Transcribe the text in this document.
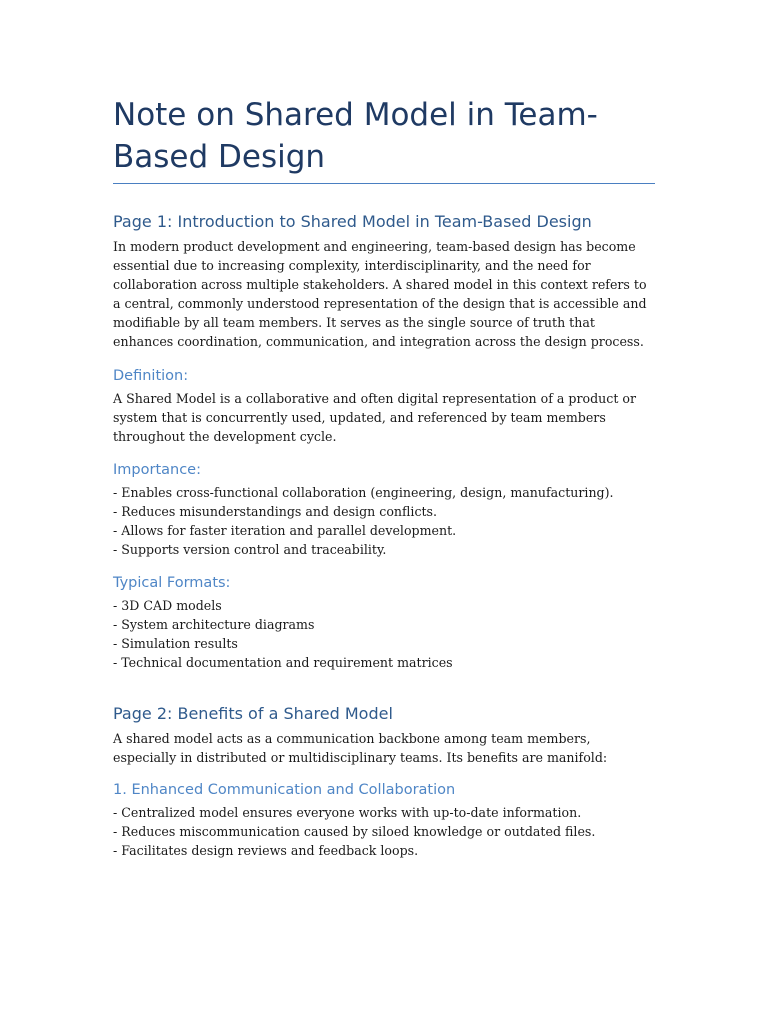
Note on Shared Model in Team-Based Design
Page 1: Introduction to Shared Model in Team-Based Design

In modern product development and engineering, team-based design has become essential due to increasing complexity, interdisciplinarity, and the need for collaboration across multiple stakeholders. A shared model in this context refers to a central, commonly understood representation of the design that is accessible and modifiable by all team members. It serves as the single source of truth that enhances coordination, communication, and integration across the design process.

Definition:

A Shared Model is a collaborative and often digital representation of a product or system that is concurrently used, updated, and referenced by team members throughout the development cycle.

Importance:
- Enables cross-functional collaboration (engineering, design, manufacturing).
- Reduces misunderstandings and design conflicts.
- Allows for faster iteration and parallel development.
- Supports version control and traceability.
Typical Formats:
- 3D CAD models
- System architecture diagrams
- Simulation results
- Technical documentation and requirement matrices
Page 2: Benefits of a Shared Model

A shared model acts as a communication backbone among team members, especially in distributed or multidisciplinary teams. Its benefits are manifold:

1. Enhanced Communication and Collaboration
- Centralized model ensures everyone works with up-to-date information.
- Reduces miscommunication caused by siloed knowledge or outdated files.
- Facilitates design reviews and feedback loops.
